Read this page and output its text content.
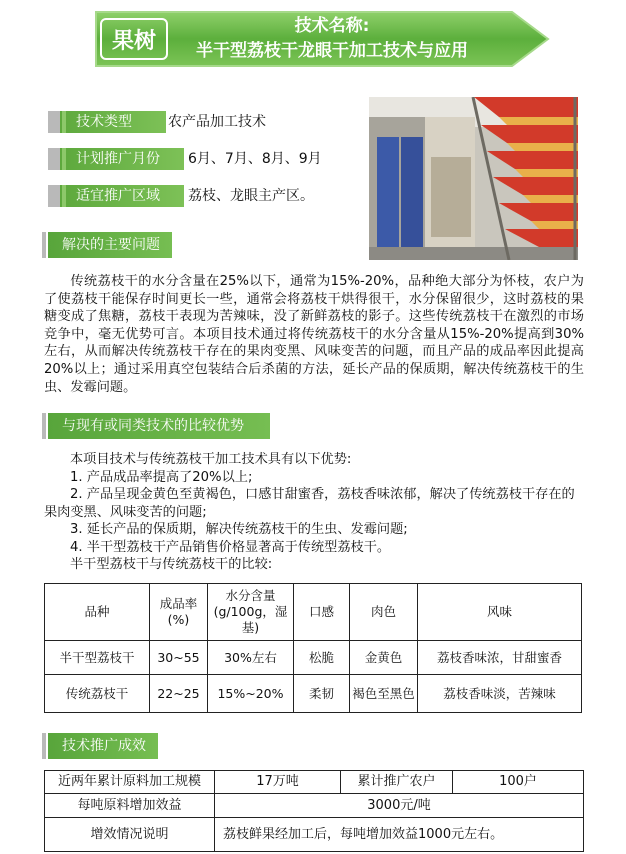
果树
技术名称:
半干型荔枝干龙眼干加工技术与应用
技术类型	农产品加工技术
计划推广月份	6月、7月、8月、9月
适宜推广区域	荔枝、龙眼主产区。
解决的主要问题
传统荔枝干的水分含量在25%以下，通常为15%-20%，品种绝大部分为怀枝，农户为了使荔枝干能保存时间更长一些，通常会将荔枝干烘得很干，水分保留很少，这时荔枝的果糖变成了焦糖，荔枝干表现为苦辣味，没了新鲜荔枝的影子。这些传统荔枝干在激烈的市场竞争中，毫无优势可言。本项目技术通过将传统荔枝干的水分含量从15%-20%提高到30%左右，从而解决传统荔枝干存在的果肉变黑、风味变苦的问题，而且产品的成品率因此提高20%以上；通过采用真空包装结合后杀菌的方法，延长产品的保质期，解决传统荔枝干的生虫、发霉问题。
与现有或同类技术的比较优势
本项目技术与传统荔枝干加工技术具有以下优势:
1. 产品成品率提高了20%以上;
2. 产品呈现金黄色至黄褐色，口感甘甜蜜香，荔枝香味浓郁，解决了传统荔枝干存在的果肉变黑、风味变苦的问题;
3. 延长产品的保质期，解决传统荔枝干的生虫、发霉问题;
4. 半干型荔枝干产品销售价格显著高于传统型荔枝干。
半干型荔枝干与传统荔枝干的比较:
品种	成品率(%)	水分含量(g/100g，湿基)	口感	肉色	风味
半干型荔枝干	30~55	30%左右	松脆	金黄色	荔枝香味浓，甘甜蜜香
传统荔枝干	22~25	15%~20%	柔韧	褐色至黑色	荔枝香味淡，苦辣味
技术推广成效
近两年累计原料加工规模	17万吨	累计推广农户	100户
每吨原料增加效益	3000元/吨		
增效情况说明	荔枝鲜果经加工后，每吨增加效益1000元左右。		
